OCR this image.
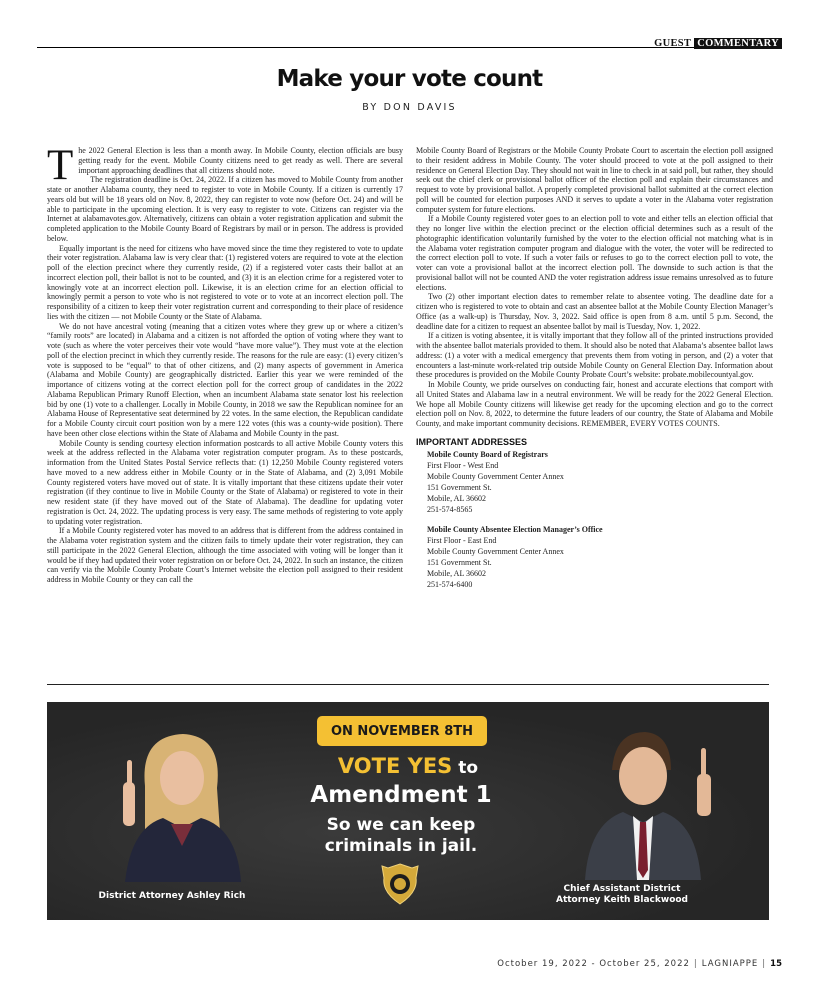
GUEST COMMENTARY
Make your vote count
BY DON DAVIS

The 2022 General Election is less than a month away. In Mobile County, election officials are busy getting ready for the event. Mobile County citizens need to get ready as well. There are several important approaching deadlines that all citizens should note.

The registration deadline is Oct. 24, 2022. If a citizen has moved to Mobile County from another state or another Alabama county, they need to register to vote in Mobile County. If a citizen is currently 17 years old but will be 18 years old on Nov. 8, 2022, they can register to vote now (before Oct. 24) and will be able to participate in the upcoming election. It is very easy to register to vote. Citizens can register via the Internet at alabamavotes.gov. Alternatively, citizens can obtain a voter registration application and submit the completed application to the Mobile County Board of Registrars by mail or in person. The address is provided below.

Equally important is the need for citizens who have moved since the time they registered to vote to update their voter registration. Alabama law is very clear that: (1) registered voters are required to vote at the election poll of the election precinct where they currently reside, (2) if a registered voter casts their ballot at an incorrect election poll, their ballot is not to be counted, and (3) it is an election crime for a registered voter to knowingly vote at an incorrect election poll. Likewise, it is an election crime for an election official to knowingly permit a person to vote who is not registered to vote or to vote at an incorrect election poll. The responsibility of a citizen to keep their voter registration current and corresponding to their place of residence lies with the citizen — not Mobile County or the State of Alabama.

We do not have ancestral voting (meaning that a citizen votes where they grew up or where a citizen’s “family roots” are located) in Alabama and a citizen is not afforded the option of voting where they want to vote (such as where the voter perceives their vote would “have more value”). They must vote at the election poll of the election precinct in which they currently reside. The reasons for the rule are easy: (1) every citizen’s vote is supposed to be “equal” to that of other citizens, and (2) many aspects of government in America (Alabama and Mobile County) are geographically districted. Earlier this year we were reminded of the importance of citizens voting at the correct election poll for the correct group of candidates in the 2022 Alabama Republican Primary Runoff Election, when an incumbent Alabama state senator lost his reelection bid by one (1) vote to a challenger. Locally in Mobile County, in 2018 we saw the Republican nominee for an Alabama House of Representative seat determined by 22 votes. In the same election, the Republican candidate for a Mobile County circuit court position won by a mere 122 votes (this was a county-wide position). There have been other close elections within the State of Alabama and Mobile County in the past.

Mobile County is sending courtesy election information postcards to all active Mobile County voters this week at the address reflected in the Alabama voter registration computer program. As to these postcards, information from the United States Postal Service reflects that: (1) 12,250 Mobile County registered voters have moved to a new address either in Mobile County or in the State of Alabama, and (2) 3,091 Mobile County registered voters have moved out of state. It is vitally important that these citizens update their voter registration (if they continue to live in Mobile County or the State of Alabama) or registered to vote in their new resident state (if they have moved out of the State of Alabama). The deadline for updating voter registration is Oct. 24, 2022. The updating process is very easy. The same methods of registering to vote apply to updating voter registration.

If a Mobile County registered voter has moved to an address that is different from the address contained in the Alabama voter registration system and the citizen fails to timely update their voter registration, they can still participate in the 2022 General Election, although the time associated with voting will be longer than it would be if they had updated their voter registration on or before Oct. 24, 2022. In such an instance, the citizen can verify via the Mobile County Probate Court’s Internet website the election poll assigned to their resident address in Mobile County or they can call the

Mobile County Board of Registrars or the Mobile County Probate Court to ascertain the election poll assigned to their resident address in Mobile County. The voter should proceed to vote at the poll assigned to their residence on General Election Day. They should not wait in line to check in at said poll, but rather, they should seek out the chief clerk or provisional ballot officer of the election poll and explain their circumstances and request to vote by provisional ballot. A properly completed provisional ballot submitted at the correct election poll will be counted for election purposes AND it serves to update a voter in the Alabama voter registration computer system for future elections.

If a Mobile County registered voter goes to an election poll to vote and either tells an election official that they no longer live within the election precinct or the election official determines such as a result of the photographic identification voluntarily furnished by the voter to the election official not matching what is in the Alabama voter registration computer program and dialogue with the voter, the voter will be redirected to the correct election poll to vote. If such a voter fails or refuses to go to the correct election poll to vote, the voter can vote a provisional ballot at the incorrect election poll. The downside to such action is that the provisional ballot will not be counted AND the voter registration address issue remains unresolved as to future elections.

Two (2) other important election dates to remember relate to absentee voting. The deadline date for a citizen who is registered to vote to obtain and cast an absentee ballot at the Mobile County Election Manager’s Office (as a walk-up) is Thursday, Nov. 3, 2022. Said office is open from 8 a.m. until 5 p.m. Second, the deadline date for a citizen to request an absentee ballot by mail is Tuesday, Nov. 1, 2022.

If a citizen is voting absentee, it is vitally important that they follow all of the printed instructions provided with the absentee ballot materials provided to them. It should also be noted that Alabama’s absentee ballot laws address: (1) a voter with a medical emergency that prevents them from voting in person, and (2) a voter that encounters a last-minute work-related trip outside Mobile County on General Election Day. Information about these procedures is provided on the Mobile County Probate Court’s website: probate.mobilecountyal.gov.

In Mobile County, we pride ourselves on conducting fair, honest and accurate elections that comport with all United States and Alabama law in a neutral environment. We will be ready for the 2022 General Election. We hope all Mobile County citizens will likewise get ready for the upcoming election and go to the correct election poll on Nov. 8, 2022, to determine the future leaders of our country, the State of Alabama and Mobile County, and make important community decisions. REMEMBER, EVERY VOTES COUNTS.

IMPORTANT ADDRESSES
Mobile County Board of Registrars
First Floor - West End
Mobile County Government Center Annex
151 Government St.
Mobile, AL 36602
251-574-8565
Mobile County Absentee Election Manager’s Office
First Floor - East End
Mobile County Government Center Annex
151 Government St.
Mobile, AL 36602
251-574-6400
ON NOVEMBER 8TH
VOTE YES to
Amendment 1
So we can keep
criminals in jail.
District Attorney Ashley Rich
Chief Assistant District
Attorney Keith Blackwood
October 19, 2022 - October 25, 2022 | LAGNIAPPE | 15
